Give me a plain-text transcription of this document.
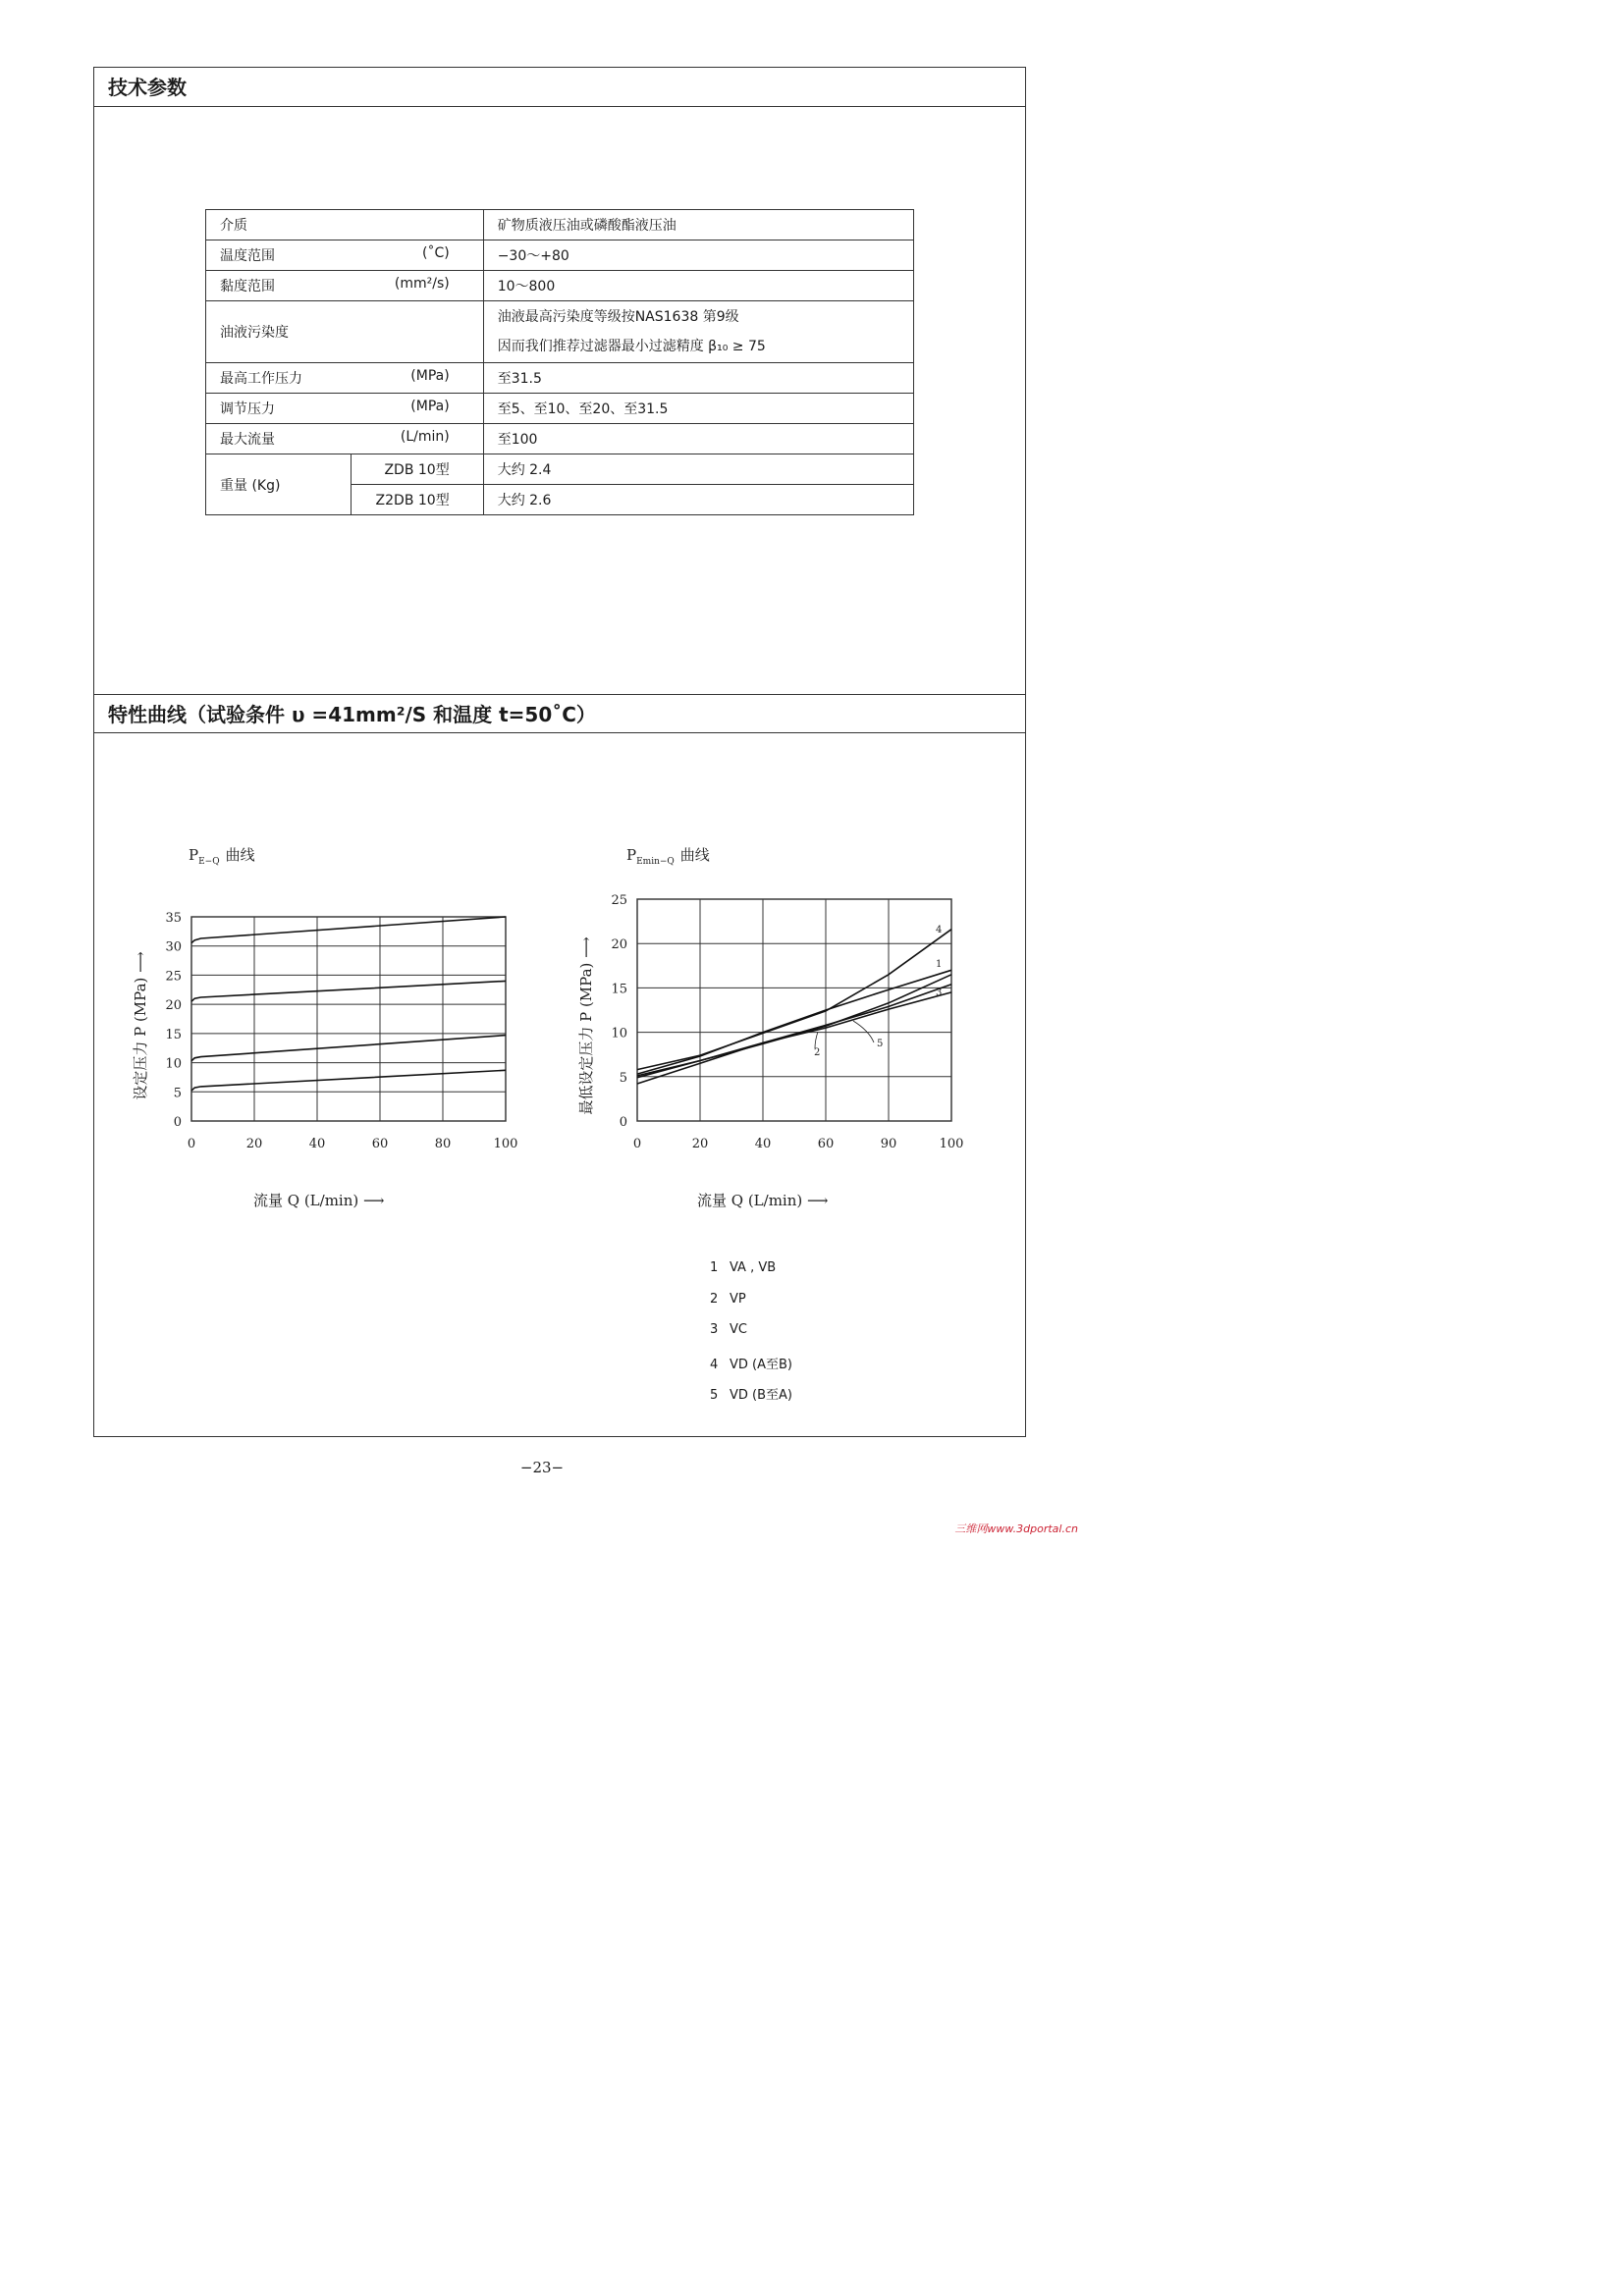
技术参数
介质		矿物质液压油或磷酸酯液压油

温度范围 (˚C)		−30～+80

黏度范围 (mm²/s)		10～800
油液污染度		油液最高污染度等级按NAS1638 第9级
因而我们推荐过滤器最小过滤精度 β₁₀ ≥ 75

最高工作压力 (MPa)		至31.5

调节压力 (MPa)		至5、至10、至20、至31.5

最大流量 (L/min)		至100
重量 (Kg)	ZDB 10型	大约 2.4
	Z2DB 10型	大约 2.6
特性曲线（试验条件 υ =41mm²/S 和温度 t=50˚C）
0
5
10
15
20
25
30
35
0	20	40	60	80	100
$P_{E-Q}$ 曲线
设定压力 P (MPa) ⟶
流量 Q (L/min) ⟶
0
5
10
15
20
25
0	20	40	60	90	100
4
1
2
5
3
$P_{Emin-Q}$ 曲线
最低设定压力 P (MPa) ⟶
流量 Q (L/min) ⟶
1 VA , VB
2 VP
3 VC
4 VD (A至B)
5 VD (B至A)
−23−
三维网www.3dportal.cn
